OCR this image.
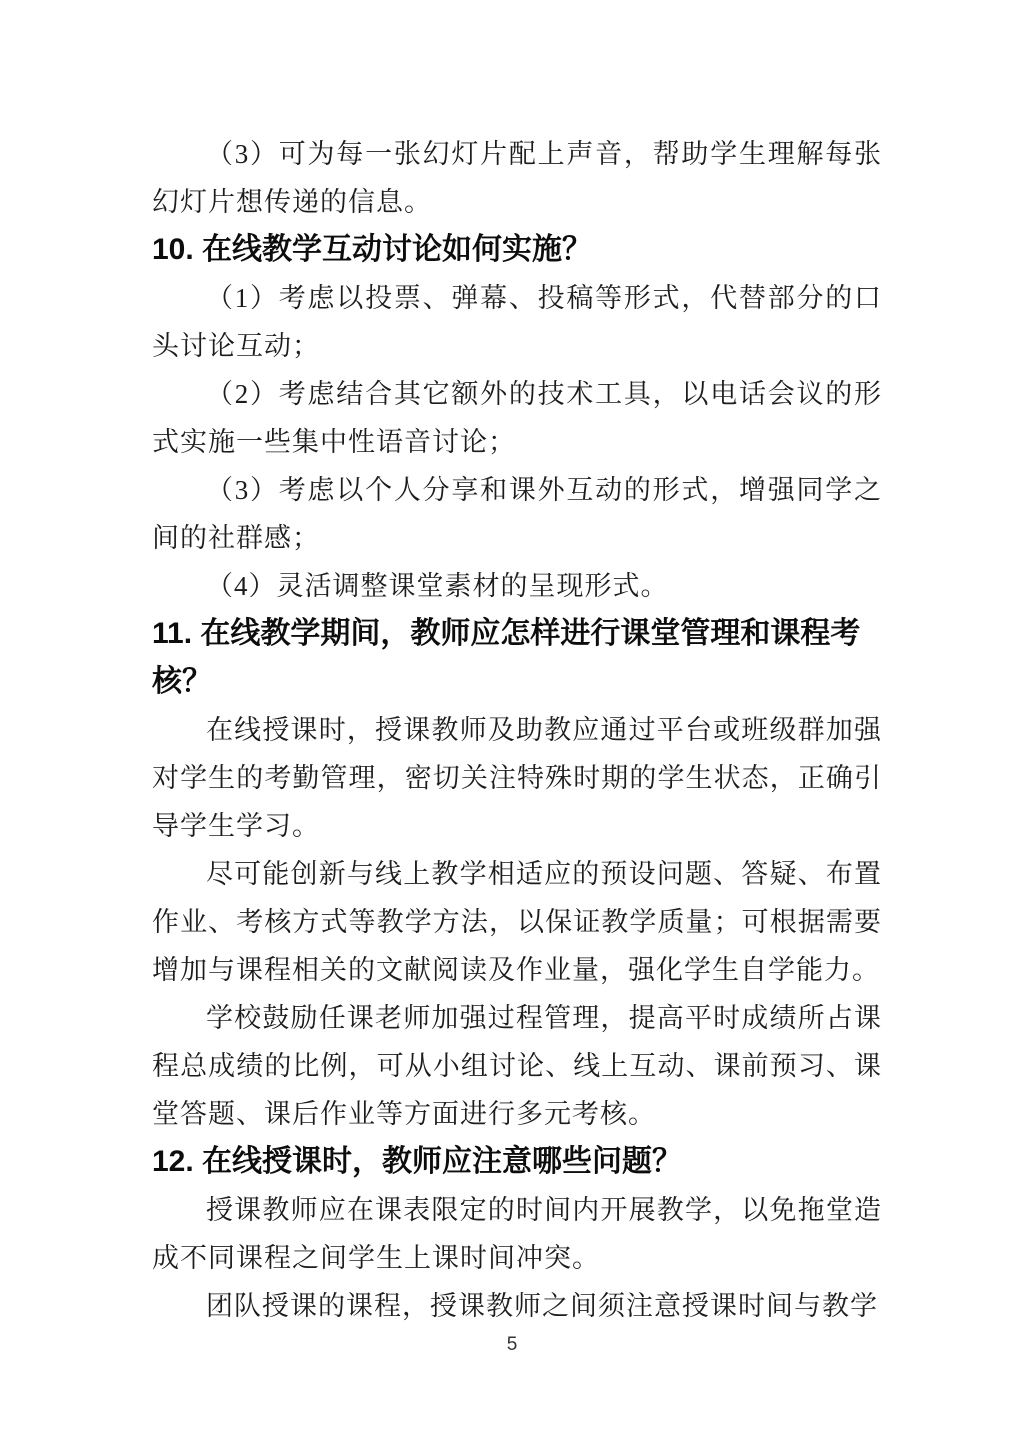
（3）可为每一张幻灯片配上声音，帮助学生理解每张幻灯片想传递的信息。

10. 在线教学互动讨论如何实施？

（1）考虑以投票、弹幕、投稿等形式，代替部分的口头讨论互动；

（2）考虑结合其它额外的技术工具，以电话会议的形式实施一些集中性语音讨论；

（3）考虑以个人分享和课外互动的形式，增强同学之间的社群感；

（4）灵活调整课堂素材的呈现形式。

11. 在线教学期间，教师应怎样进行课堂管理和课程考核？

在线授课时，授课教师及助教应通过平台或班级群加强对学生的考勤管理，密切关注特殊时期的学生状态，正确引导学生学习。

尽可能创新与线上教学相适应的预设问题、答疑、布置作业、考核方式等教学方法，以保证教学质量；可根据需要增加与课程相关的文献阅读及作业量，强化学生自学能力。

学校鼓励任课老师加强过程管理，提高平时成绩所占课程总成绩的比例，可从小组讨论、线上互动、课前预习、课堂答题、课后作业等方面进行多元考核。

12. 在线授课时，教师应注意哪些问题？

授课教师应在课表限定的时间内开展教学，以免拖堂造成不同课程之间学生上课时间冲突。

团队授课的课程，授课教师之间须注意授课时间与教学

5
